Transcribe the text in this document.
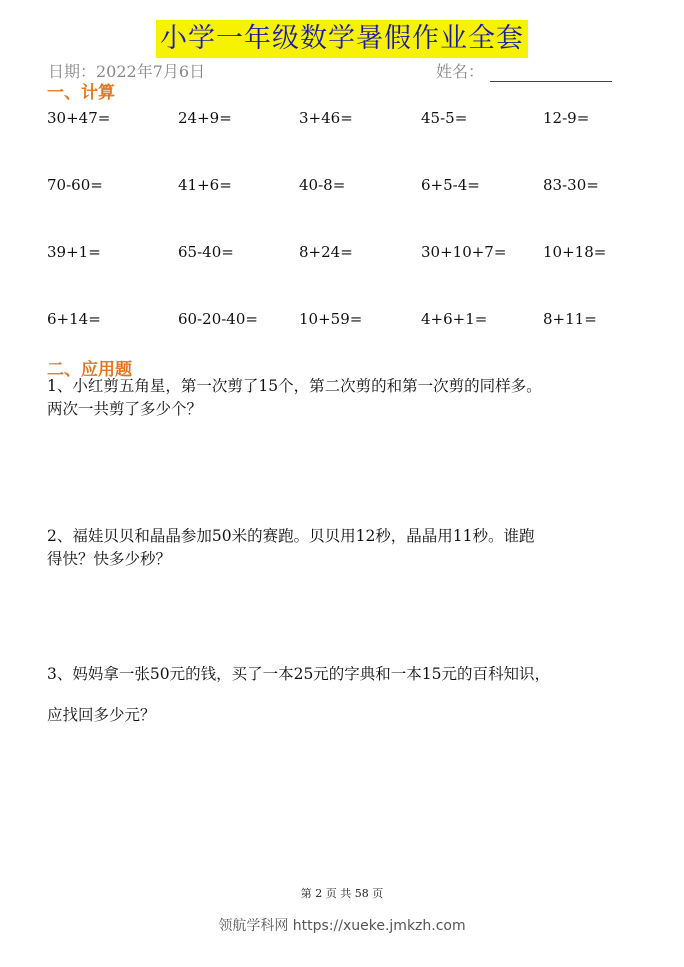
小学一年级数学暑假作业全套
日期：2022年7月6日	姓名：
一、计算
30+47=	24+9=	3+46=	45-5=	12-9=
70-60=	41+6=	40-8=	6+5-4=	83-30=
39+1=	65-40=	8+24=	30+10+7= 10+18=
6+14=	60-20-40=	10+59=	4+6+1=	8+11=
二、应用题
1、小红剪五角星，第一次剪了15个，第二次剪的和第一次剪的同样多。
两次一共剪了多少个？
2、福娃贝贝和晶晶参加50米的赛跑。贝贝用12秒，晶晶用11秒。谁跑
得快？快多少秒？
3、妈妈拿一张50元的钱，买了一本25元的字典和一本15元的百科知识，
应找回多少元？
第 2 页 共 58 页
领航学科网 https://xueke.jmkzh.com
